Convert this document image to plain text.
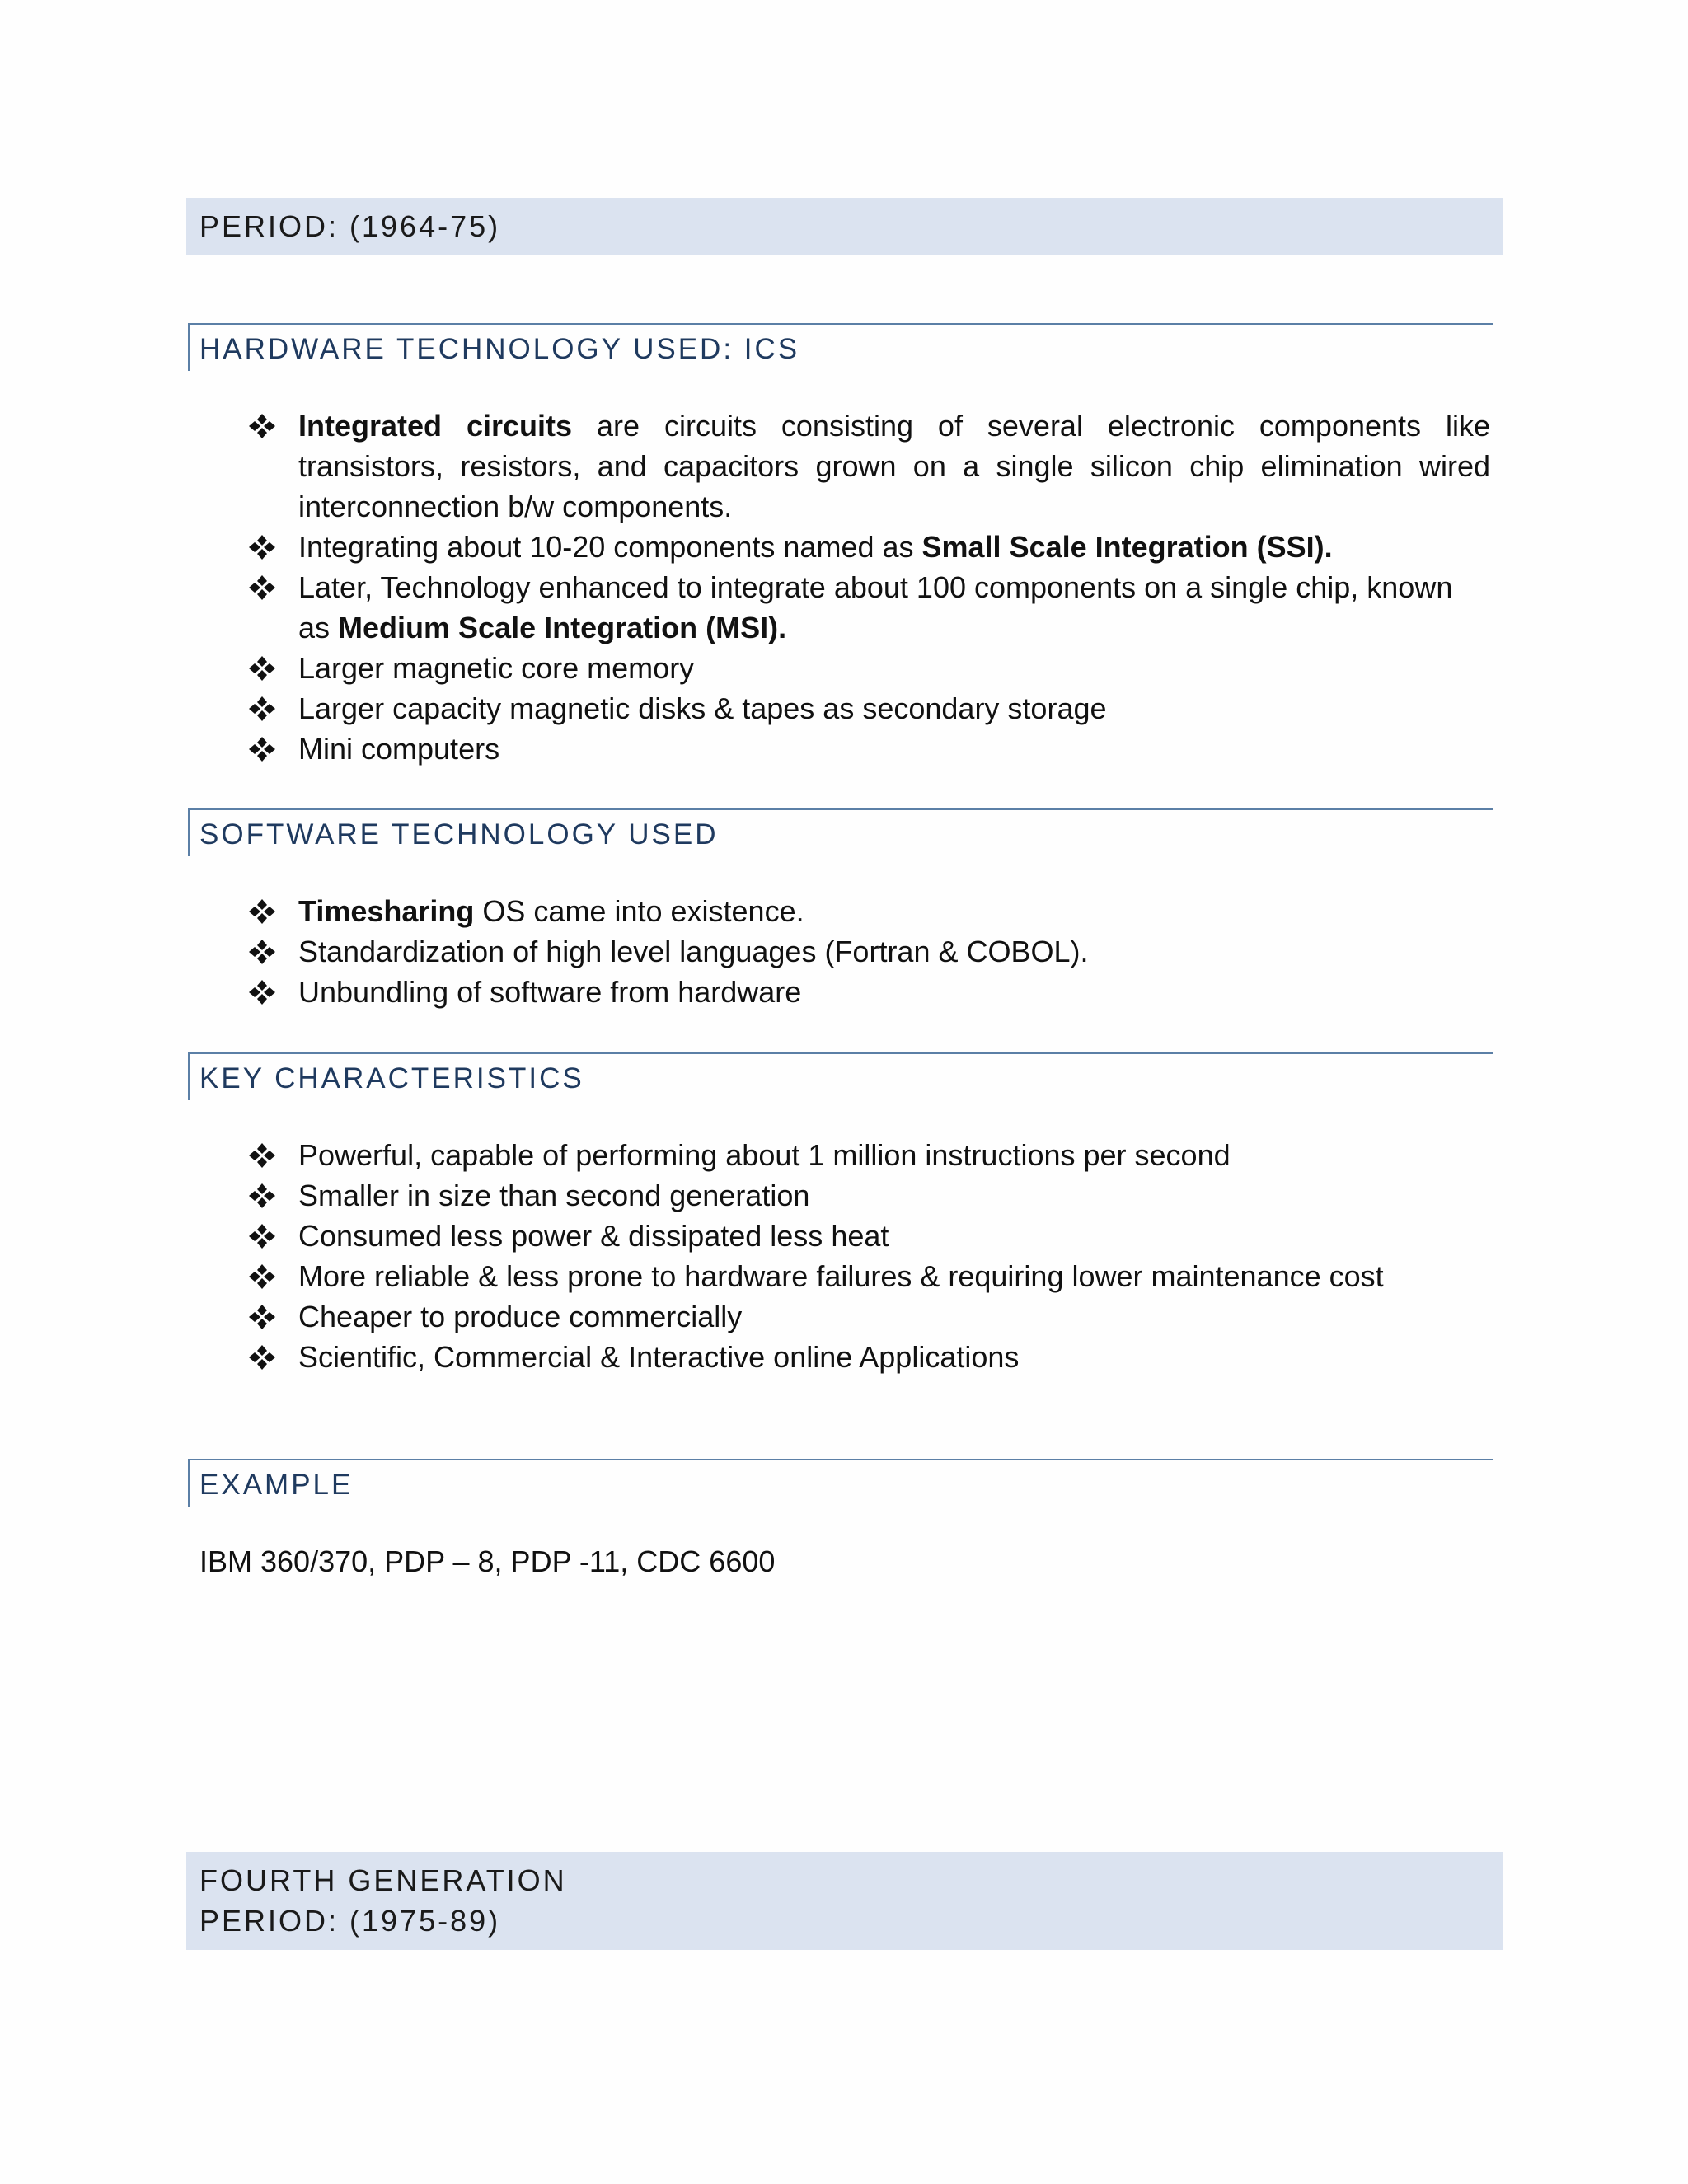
PERIOD: (1964-75)
HARDWARE TECHNOLOGY USED: ICS
Integrated circuits are circuits consisting of several electronic components like transistors, resistors, and capacitors grown on a single silicon chip elimination wired interconnection b/w components.
Integrating about 10-20 components named as Small Scale Integration (SSI).
Later, Technology enhanced to integrate about 100 components on a single chip, known as Medium Scale Integration (MSI).
Larger magnetic core memory
Larger capacity magnetic disks & tapes as secondary storage
Mini computers
SOFTWARE TECHNOLOGY USED
Timesharing OS came into existence.
Standardization of high level languages (Fortran & COBOL).
Unbundling of software from hardware
KEY CHARACTERISTICS
Powerful, capable of performing about 1 million instructions per second
Smaller in size than second generation
Consumed less power & dissipated less heat
More reliable & less prone to hardware failures & requiring lower maintenance cost
Cheaper to produce commercially
Scientific, Commercial & Interactive online Applications
EXAMPLE
IBM 360/370, PDP – 8, PDP -11, CDC 6600
FOURTH GENERATION
PERIOD: (1975-89)
